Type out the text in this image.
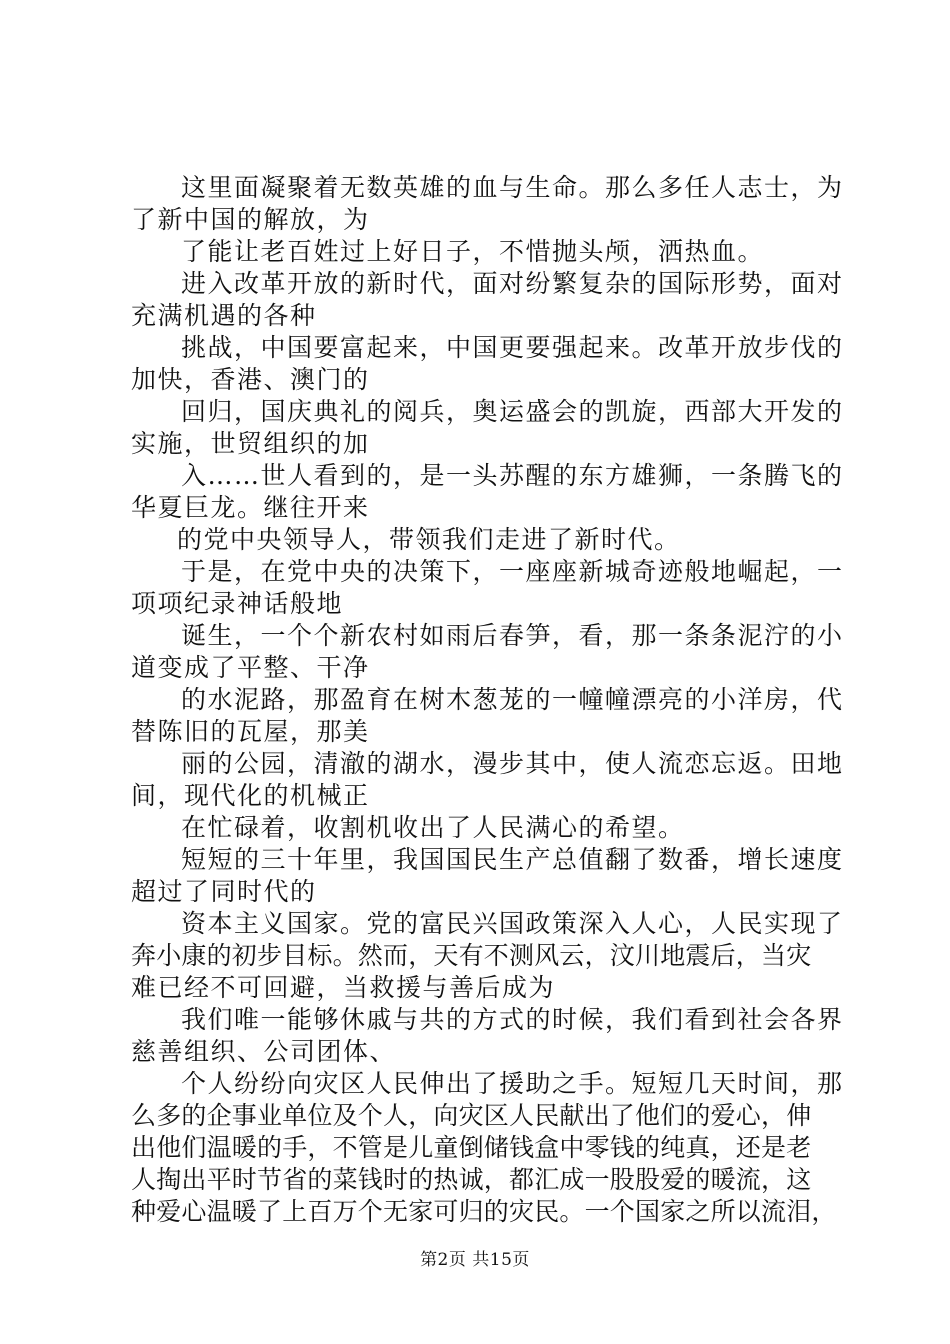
这里面凝聚着无数英雄的血与生命。那么多任人志士，为
了新中国的解放，为
了能让老百姓过上好日子，不惜抛头颅，洒热血。
进入改革开放的新时代，面对纷繁复杂的国际形势，面对
充满机遇的各种
挑战，中国要富起来，中国更要强起来。改革开放步伐的
加快，香港、澳门的
回归，国庆典礼的阅兵，奥运盛会的凯旋，西部大开发的
实施，世贸组织的加
入……世人看到的，是一头苏醒的东方雄狮，一条腾飞的
华夏巨龙。继往开来
的党中央领导人，带领我们走进了新时代。
于是，在党中央的决策下，一座座新城奇迹般地崛起，一
项项纪录神话般地
诞生，一个个新农村如雨后春笋，看，那一条条泥泞的小
道变成了平整、干净
的水泥路，那盈育在树木葱茏的一幢幢漂亮的小洋房，代
替陈旧的瓦屋，那美
丽的公园，清澈的湖水，漫步其中，使人流恋忘返。田地
间，现代化的机械正
在忙碌着，收割机收出了人民满心的希望。
短短的三十年里，我国国民生产总值翻了数番，增长速度
超过了同时代的
资本主义国家。党的富民兴国政策深入人心，人民实现了
奔小康的初步目标。然而，天有不测风云，汶川地震后，当灾
难已经不可回避，当救援与善后成为
我们唯一能够休戚与共的方式的时候，我们看到社会各界
慈善组织、公司团体、
个人纷纷向灾区人民伸出了援助之手。短短几天时间，那
么多的企事业单位及个人，向灾区人民献出了他们的爱心，伸
出他们温暖的手，不管是儿童倒储钱盒中零钱的纯真，还是老
人掏出平时节省的菜钱时的热诚，都汇成一股股爱的暖流，这
种爱心温暖了上百万个无家可归的灾民。一个国家之所以流泪，
第2页 共15页
